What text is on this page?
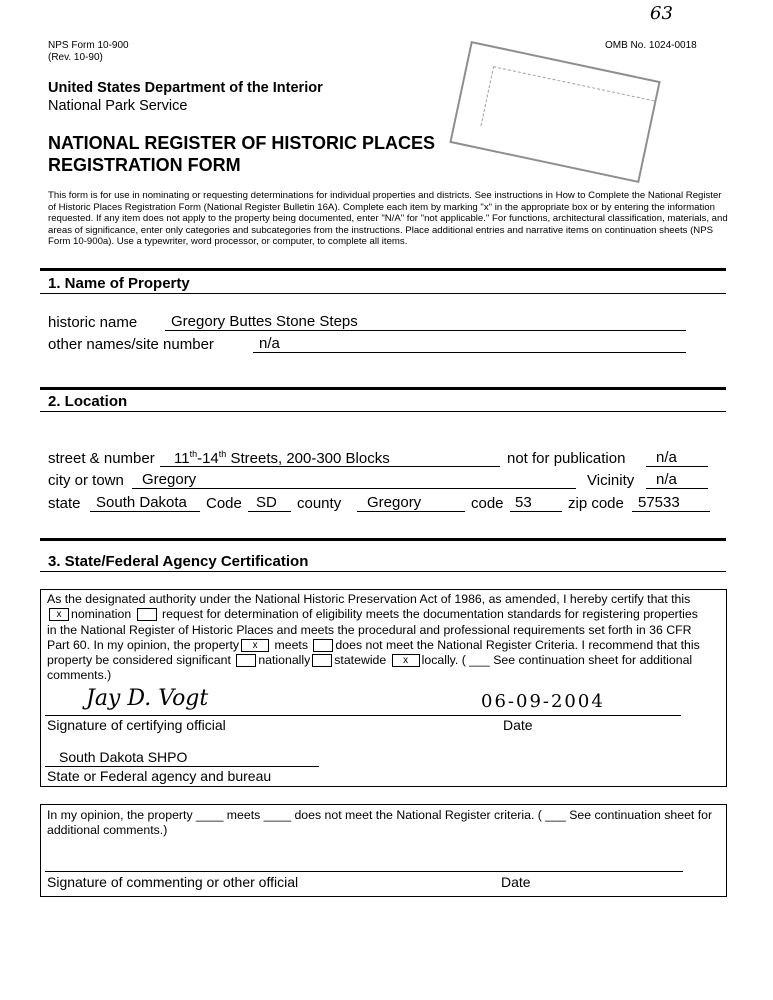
NPS Form 10-900
(Rev. 10-90)
OMB No. 1024-0018
63
United States Department of the Interior
National Park Service
NATIONAL REGISTER OF HISTORIC PLACES
REGISTRATION FORM
This form is for use in nominating or requesting determinations for individual properties and districts. See instructions in How to Complete the National Register of Historic Places Registration Form (National Register Bulletin 16A). Complete each item by marking "x" in the appropriate box or by entering the information requested. If any item does not apply to the property being documented, enter "N/A" for "not applicable." For functions, architectural classification, materials, and areas of significance, enter only categories and subcategories from the instructions. Place additional entries and narrative items on continuation sheets (NPS Form 10-900a). Use a typewriter, word processor, or computer, to complete all items.
1. Name of Property
historic name	Gregory Buttes Stone Steps
other names/site number	n/a
2. Location
street & number	11th-14th Streets, 200-300 Blocks	not for publication	n/a
city or town	Gregory	Vicinity	n/a
state	South Dakota	Code SD	county	Gregory	code 53	zip code 57533
3. State/Federal Agency Certification
As the designated authority under the National Historic Preservation Act of 1986, as amended, I hereby certify that this
x nomination	request for determination of eligibility meets the documentation standards for registering properties
in the National Register of Historic Places and meets the procedural and professional requirements set forth in 36 CFR
Part 60. In my opinion, the property x meets does not meet the National Register Criteria. I recommend that this
property be considered significant nationally statewide x locally. ( ___ See continuation sheet for additional
comments.)
Jay D. Vogt	06-09-2004
Signature of certifying official	Date
South Dakota SHPO
State or Federal agency and bureau
In my opinion, the property ____ meets ____ does not meet the National Register criteria. ( ___ See continuation sheet for
additional comments.)
Signature of commenting or other official	Date
